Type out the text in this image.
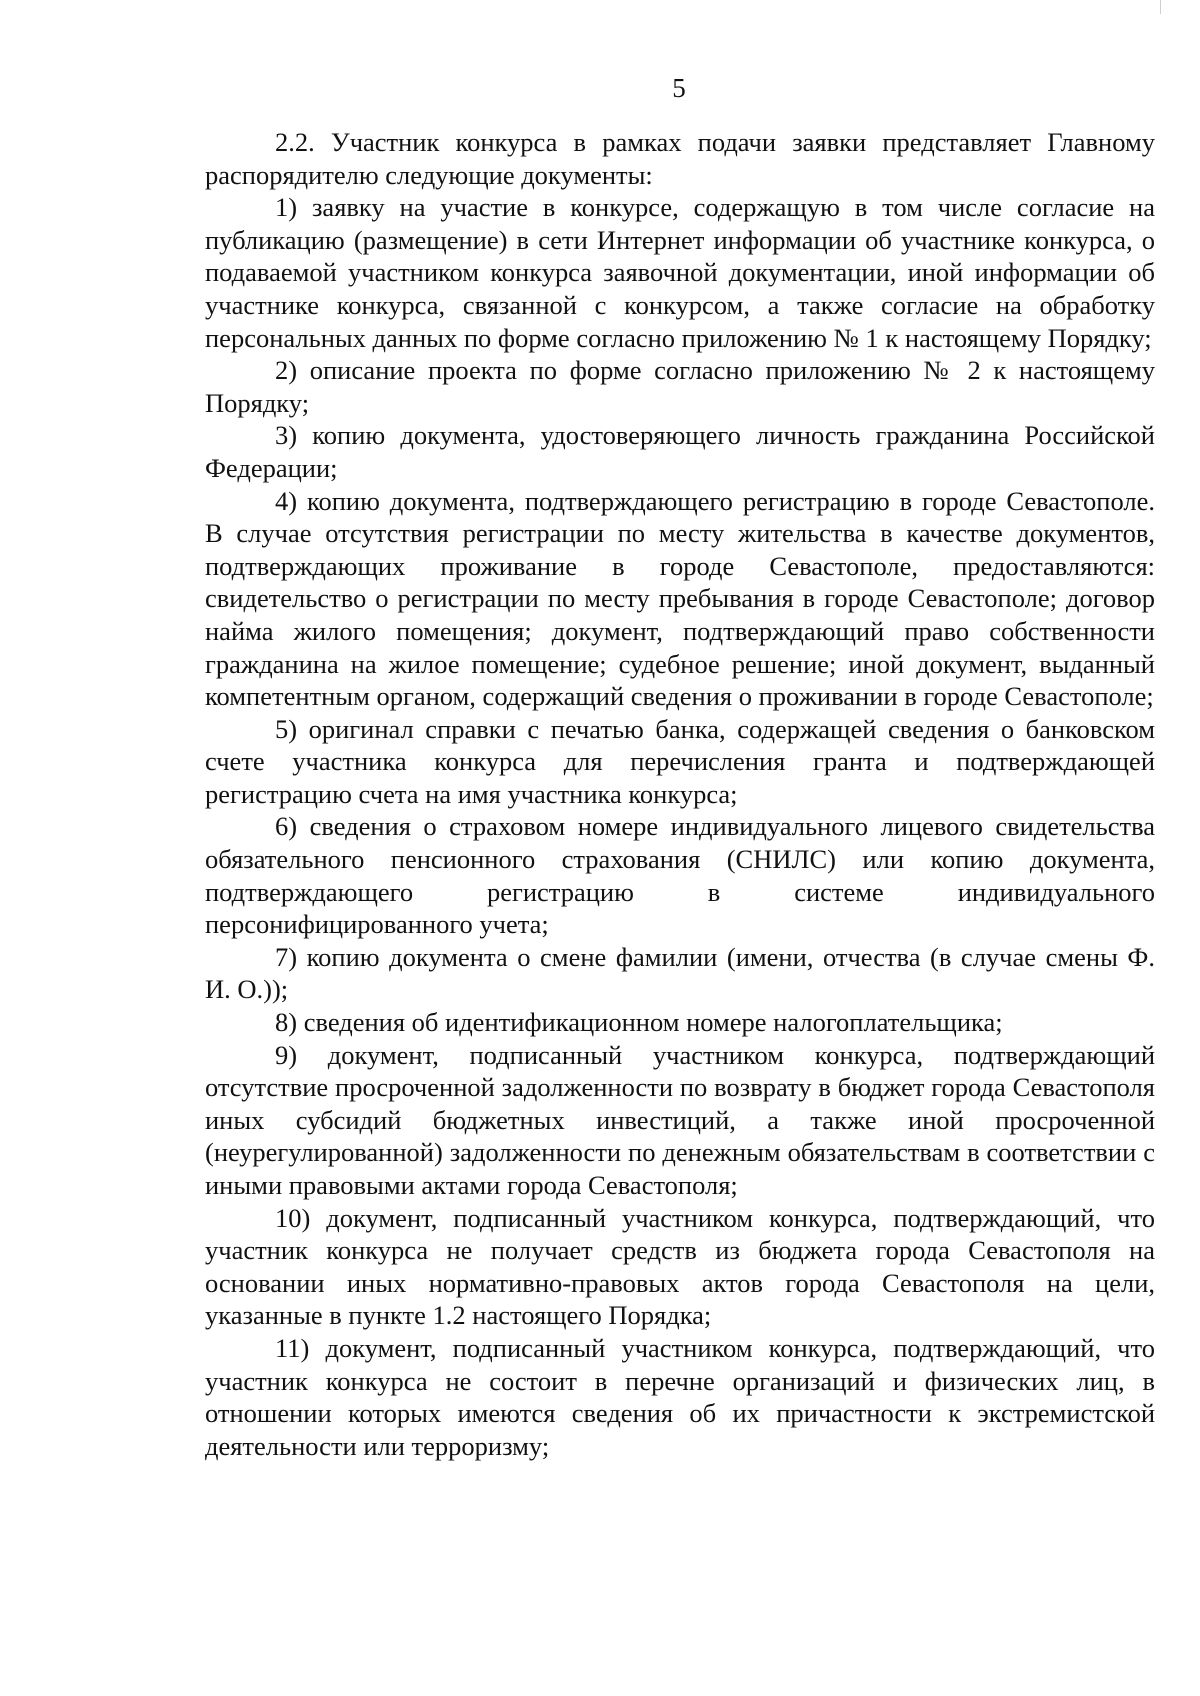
5

2.2. Участник конкурса в рамках подачи заявки представляет Главному распорядителю следующие документы:

1) заявку на участие в конкурсе, содержащую в том числе согласие на публикацию (размещение) в сети Интернет информации об участнике конкурса, о подаваемой участником конкурса заявочной документации, иной информации об участнике конкурса, связанной с конкурсом, а также согласие на обработку персональных данных по форме согласно приложению № 1 к настоящему Порядку;

2) описание проекта по форме согласно приложению № 2 к настоящему Порядку;

3) копию документа, удостоверяющего личность гражданина Российской Федерации;

4) копию документа, подтверждающего регистрацию в городе Севастополе. В случае отсутствия регистрации по месту жительства в качестве документов, подтверждающих проживание в городе Севастополе, предоставляются: свидетельство о регистрации по месту пребывания в городе Севастополе; договор найма жилого помещения; документ, подтверждающий право собственности гражданина на жилое помещение; судебное решение; иной документ, выданный компетентным органом, содержащий сведения о проживании в городе Севастополе;

5) оригинал справки с печатью банка, содержащей сведения о банковском счете участника конкурса для перечисления гранта и подтверждающей регистрацию счета на имя участника конкурса;

6) сведения о страховом номере индивидуального лицевого свидетельства обязательного пенсионного страхования (СНИЛС) или копию документа, подтверждающего регистрацию в системе индивидуального персонифицированного учета;

7) копию документа о смене фамилии (имени, отчества (в случае смены Ф. И. О.));

8) сведения об идентификационном номере налогоплательщика;

9) документ, подписанный участником конкурса, подтверждающий отсутствие просроченной задолженности по возврату в бюджет города Севастополя иных субсидий бюджетных инвестиций, а также иной просроченной (неурегулированной) задолженности по денежным обязательствам в соответствии с иными правовыми актами города Севастополя;

10) документ, подписанный участником конкурса, подтверждающий, что участник конкурса не получает средств из бюджета города Севастополя на основании иных нормативно-правовых актов города Севастополя на цели, указанные в пункте 1.2 настоящего Порядка;

11) документ, подписанный участником конкурса, подтверждающий, что участник конкурса не состоит в перечне организаций и физических лиц, в отношении которых имеются сведения об их причастности к экстремистской деятельности или терроризму;
